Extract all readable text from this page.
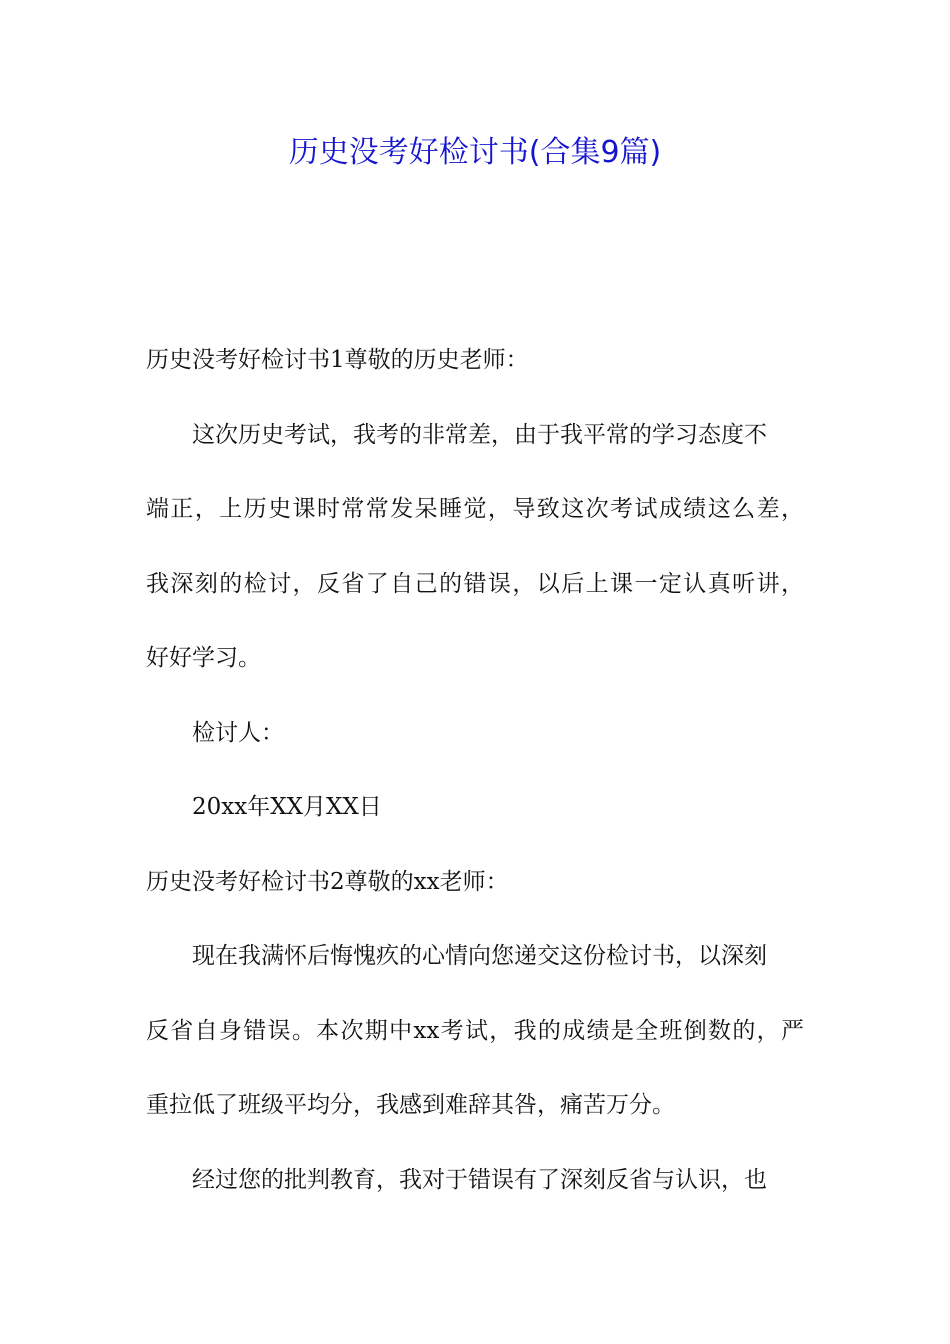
历史没考好检讨书(合集9篇)

历史没考好检讨书1尊敬的历史老师：

这次历史考试，我考的非常差，由于我平常的学习态度不

端正，上历史课时常常发呆睡觉，导致这次考试成绩这么差，

我深刻的检讨，反省了自己的错误，以后上课一定认真听讲，

好好学习。

检讨人：

20xx年XX月XX日

历史没考好检讨书2尊敬的xx老师：

现在我满怀后悔愧疚的心情向您递交这份检讨书，以深刻

反省自身错误。本次期中xx考试，我的成绩是全班倒数的，严

重拉低了班级平均分，我感到难辞其咎，痛苦万分。

经过您的批判教育，我对于错误有了深刻反省与认识，也
